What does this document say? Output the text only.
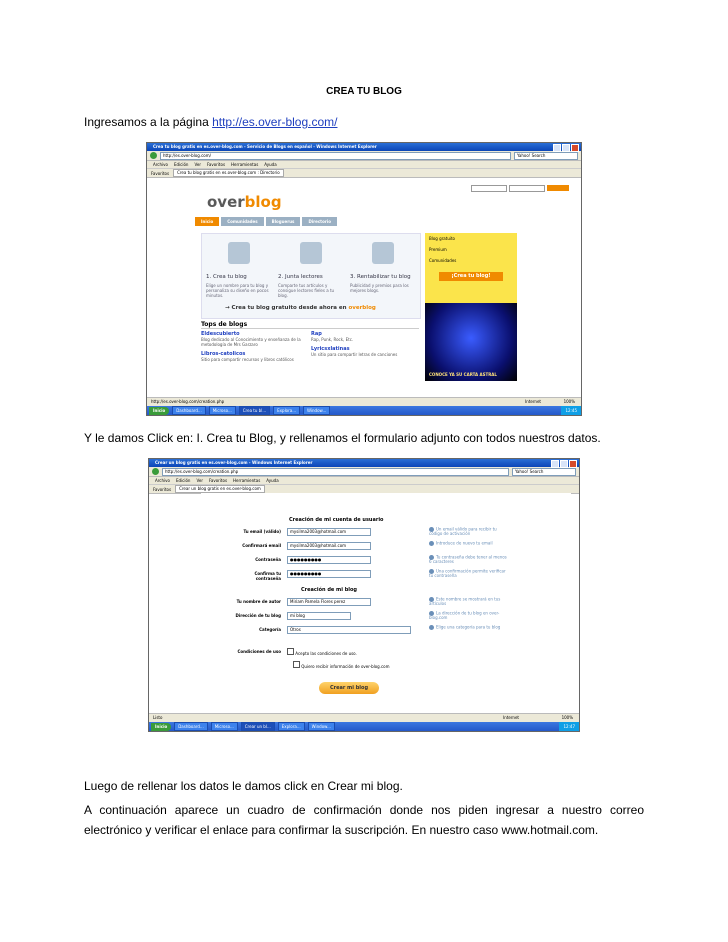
CREA TU BLOG
Ingresamos a la página http://es.over-blog.com/
Crea tu blog gratis en es.over-blog.com - Servicio de Blogs en español - Windows Internet Explorer
http://es.over-blog.com/	Yahoo! Search
Archivo Edición Ver Favoritos Herramientas Ayuda
Favoritos	Crea tu blog gratis en es.over-blog.com : Directorio
overblog
Inicio	Comunidades	Bloguerus	Directorio
1. Crea tu blog
Elige un nombre para tu blog y personaliza su diseño en pocos minutos.
2. Junta lectores
Comparte tus artículos y consigue lectores fieles a tu blog.
3. Rentabilizar tu blog
Publicidad y premios para los mejores blogs.
→ Crea tu blog gratuito desde ahora en overblog
Tops de blogs
Eldescubierto
Blog dedicado al Conocimiento y enseñanza de la metodología de Mrs Garzaro
Libros-catolicos
Sitio para compartir recursos y libros católicos
Rap
Rap, Punk, Rock, Etc.
Lyricsxlatinas
Un sitio para compartir letras de canciones
Blog gratuito
Premium
Comunidades
¡Crea tu blog!
CONOCE YA SU CARTA ASTRAL
http://es.over-blog.com/creation.php	Internet	100%
Inicio	Dashboard...	Microso...	Crea tu bl...	Explora...	Window...	12:45
Y le damos Click en: I. Crea tu Blog, y rellenamos el formulario adjunto con todos nuestros datos.
Crear un blog gratis en es.over-blog.com - Windows Internet Explorer
http://es.over-blog.com/creation.php	Yahoo! Search
Archivo Edición Ver Favoritos Herramientas Ayuda
Favoritos	Crear un blog gratis en es.over-blog.com
Creación de mi cuenta de usuario
Tu email (válido)	mysilma2003@hotmail.com	Un email válido para recibir tu código de activación
Confirmará email	mysilma2003@hotmail.com	Introduce de nuevo tu email
Contraseña	●●●●●●●●●	Tu contraseña debe tener al menos 6 caracteres
Confirma tu contraseña
●●●●●●●●●	Una confirmación permite verificar tu contraseña
Creación de mi blog
Tu nombre de autor	Miriam Pamela Flores perez	Este nombre se mostrará en tus artículos
Dirección de tu blog	mi blog	La dirección de tu blog en over-blog.com
Categoría	Otros	Elige una categoría para tu blog
Condiciones de uso	Acepto las condiciones de uso.
Quiero recibir información de over-blog.com
Crear mi blog
Listo	Internet	100%
Inicio	Dashboard...	Microso...	Crear un bl...	Explora...	Window...	12:47
Luego de rellenar los datos le damos click en Crear mi blog.
A continuación aparece un cuadro de confirmación donde nos piden ingresar a nuestro correo electrónico y verificar el enlace para confirmar la suscripción. En nuestro caso www.hotmail.com.
